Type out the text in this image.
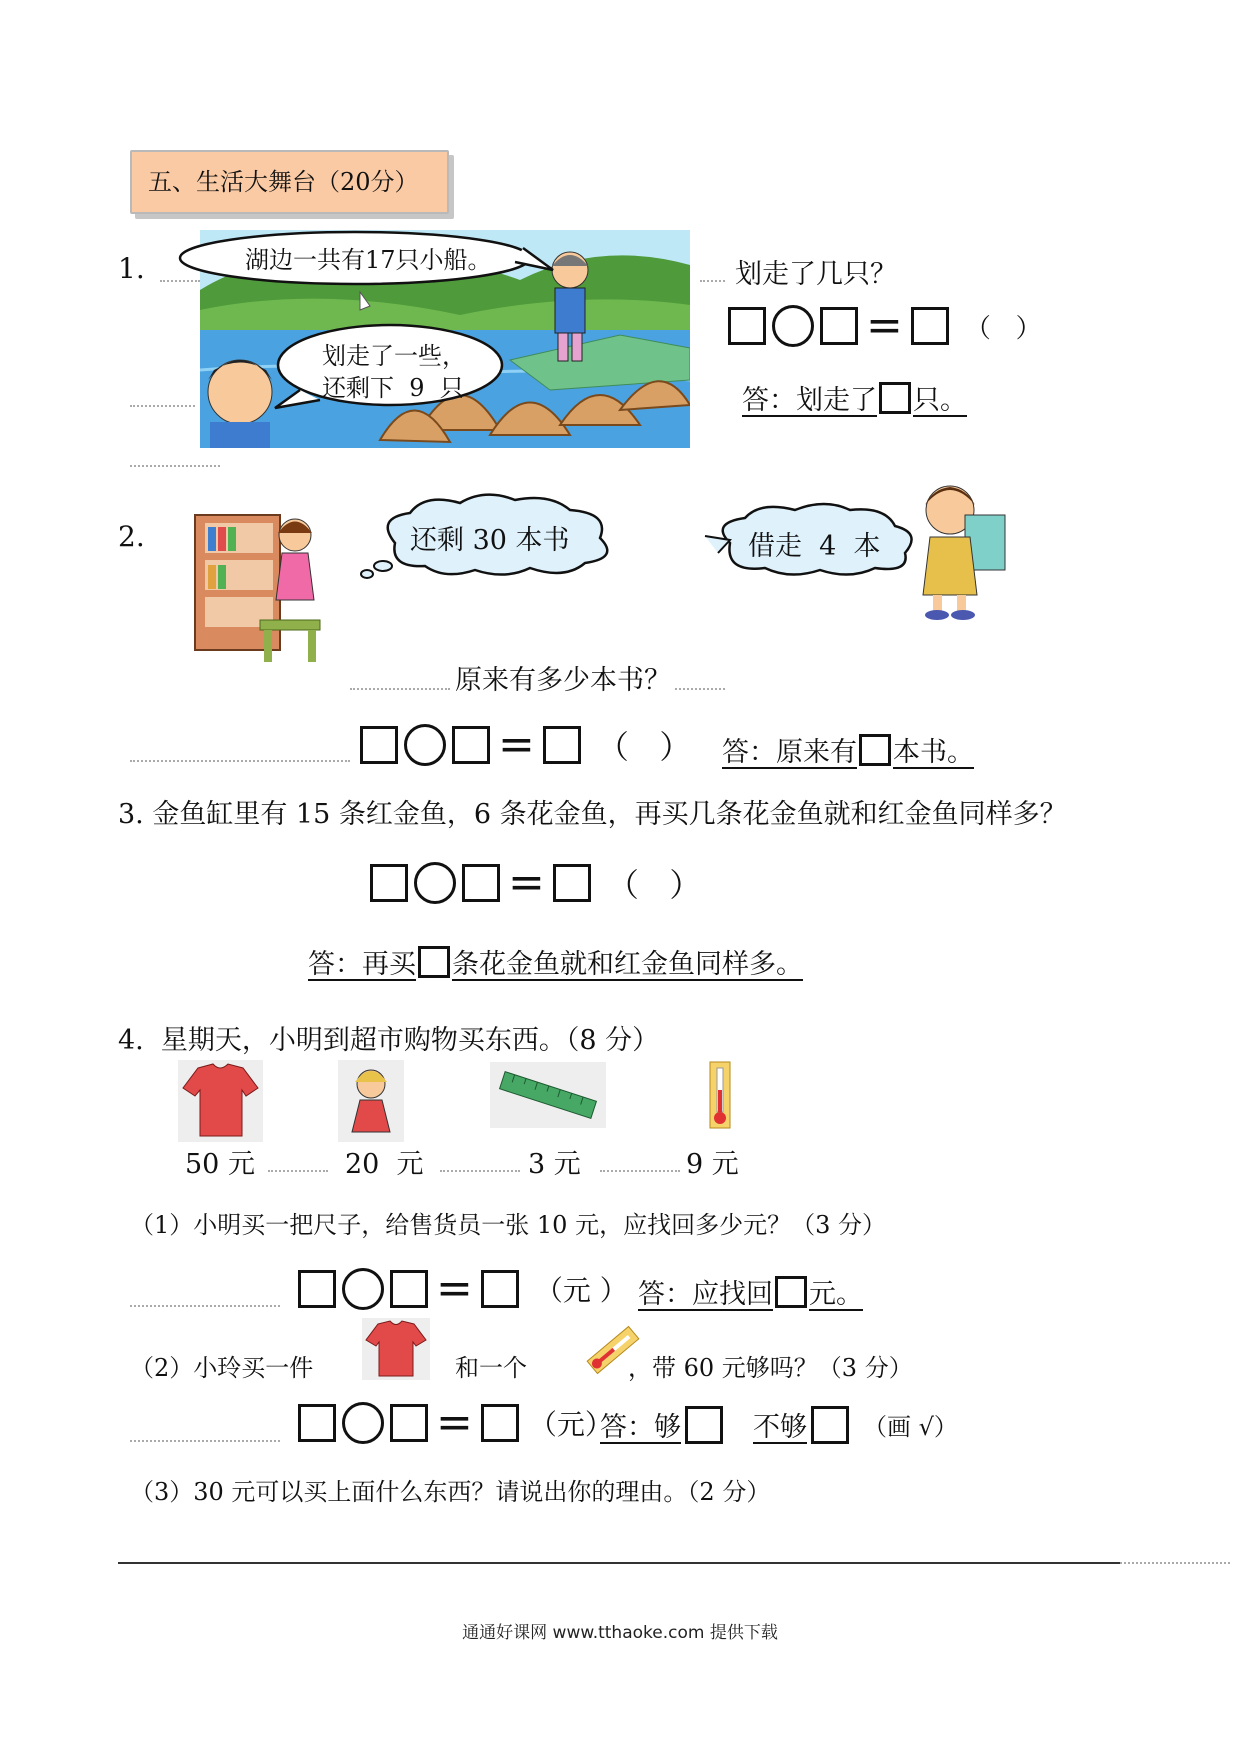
五、生活大舞台（20分）
1.	湖边一共有17只小船。
划走了一些，
还剩下  9  只
划走了几只？
= （   ）
答：划走了 只。
2.	还剩 30 本书	借走  4  本
原来有多少本书？
= （   ） 答：原来有 本书。
3. 金鱼缸里有 15 条红金鱼，6 条花金鱼，再买几条花金鱼就和红金鱼同样多？
= （   ）
答：再买 条花金鱼就和红金鱼同样多。
4.  星期天，小明到超市购物买东西。（8 分）
50 元	20  元	3 元	9 元
（1）小明买一把尺子，给售货员一张 10 元，应找回多少元？（3 分）
= （元 ） 答：应找回 元。
（2）小玲买一件	和一个	，带 60 元够吗？（3 分）
= （元）
答：够	不够 （画 √）
（3）30 元可以买上面什么东西？请说出你的理由。（2 分）
通通好课网 www.tthaoke.com 提供下载
